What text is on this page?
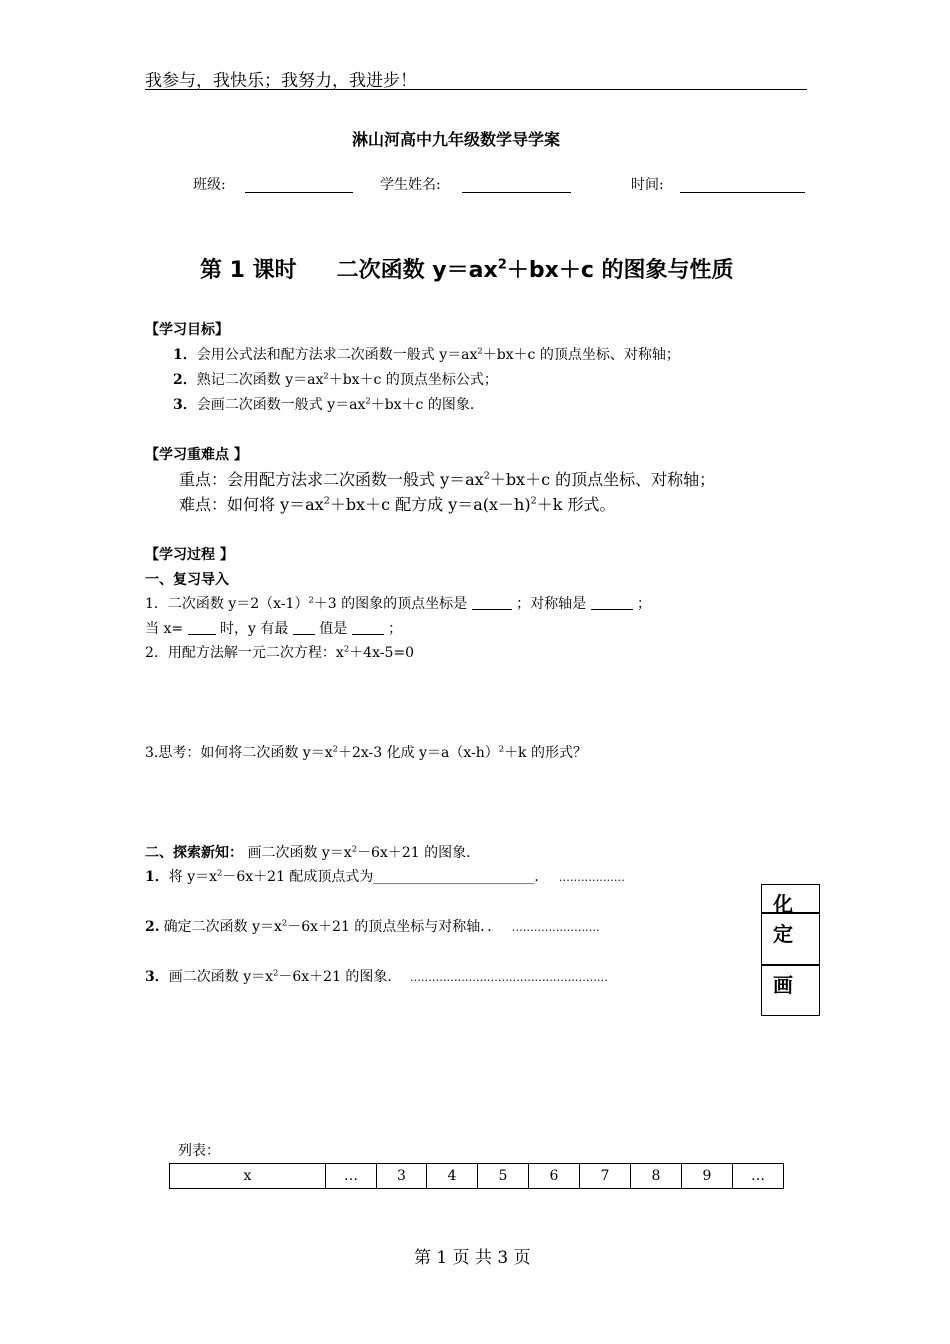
我参与，我快乐；我努力，我进步！
淋山河高中九年级数学导学案
班级:	学生姓名:	时间:
第 1 课时 二次函数 $y=ax^2+bx+c$ 的图象与性质
【学习目标】
1．会用公式法和配方法求二次函数一般式 $y=ax^2+bx+c$ 的顶点坐标、对称轴；
2．熟记二次函数 $y=ax^2+bx+c$ 的顶点坐标公式；
3．会画二次函数一般式 $y=ax^2+bx+c$ 的图象．
【学习重难点 】
重点：会用配方法求二次函数一般式 $y=ax^2+bx+c$ 的顶点坐标、对称轴；
难点：如何将 $y=ax^2+bx+c$ 配方成 $y=a(x-h)^2+k$ 形式。
【学习过程 】
一、复习导入
1．二次函数 $y=2(x-1)^2+3$ 的图象的顶点坐标是	；对称轴是	；
当 x=	时，y 有最 值是	；
2．用配方法解一元二次方程：$x^2+4x-5=0$
3.思考：如何将二次函数 $y=x^2+2x-3$ 化成 $y=a(x-h)^2+k$ 的形式？
二、探索新知： 画二次函数 $y=x^2-6x+21$ 的图象．
1．将 $y=x^2-6x+21$ 配成顶点式为_______________________． ………………
2. 确定二次函数 $y=x^2-6x+21$ 的顶点坐标与对称轴．． ……………………
3．画二次函数 $y=x^2-6x+21$ 的图象． ………………………………………………
化
定
画
列表：
x	…	3	4	5	6	7	8	9	…
第 1 页 共 3 页
